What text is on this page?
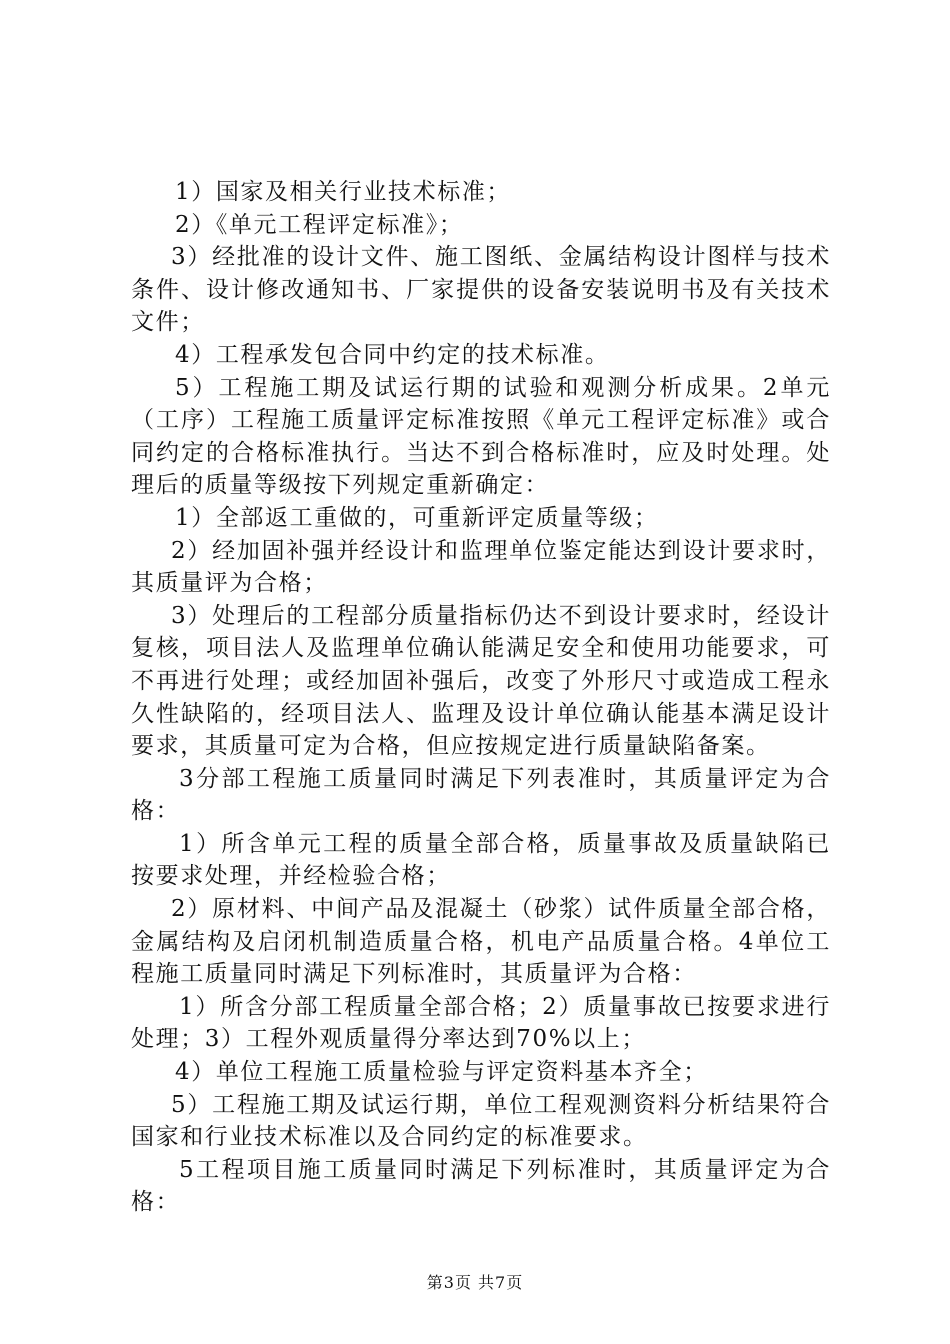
1）国家及相关行业技术标准；

2）《单元工程评定标准》；

3）经批准的设计文件、施工图纸、金属结构设计图样与技术条件、设计修改通知书、厂家提供的设备安装说明书及有关技术文件；

4）工程承发包合同中约定的技术标准。

5）工程施工期及试运行期的试验和观测分析成果。2单元（工序）工程施工质量评定标准按照《单元工程评定标准》或合同约定的合格标准执行。当达不到合格标准时，应及时处理。处理后的质量等级按下列规定重新确定：

1）全部返工重做的，可重新评定质量等级；

2）经加固补强并经设计和监理单位鉴定能达到设计要求时，其质量评为合格；

3）处理后的工程部分质量指标仍达不到设计要求时，经设计复核，项目法人及监理单位确认能满足安全和使用功能要求，可不再进行处理；或经加固补强后，改变了外形尺寸或造成工程永久性缺陷的，经项目法人、监理及设计单位确认能基本满足设计要求，其质量可定为合格，但应按规定进行质量缺陷备案。

3分部工程施工质量同时满足下列表准时，其质量评定为合格：

1）所含单元工程的质量全部合格，质量事故及质量缺陷已按要求处理，并经检验合格；

2）原材料、中间产品及混凝土（砂浆）试件质量全部合格，金属结构及启闭机制造质量合格，机电产品质量合格。4单位工程施工质量同时满足下列标准时，其质量评为合格：

1）所含分部工程质量全部合格；2）质量事故已按要求进行处理；3）工程外观质量得分率达到70%以上；

4）单位工程施工质量检验与评定资料基本齐全；

5）工程施工期及试运行期，单位工程观测资料分析结果符合国家和行业技术标准以及合同约定的标准要求。

5工程项目施工质量同时满足下列标准时，其质量评定为合格：

第3页 共7页
